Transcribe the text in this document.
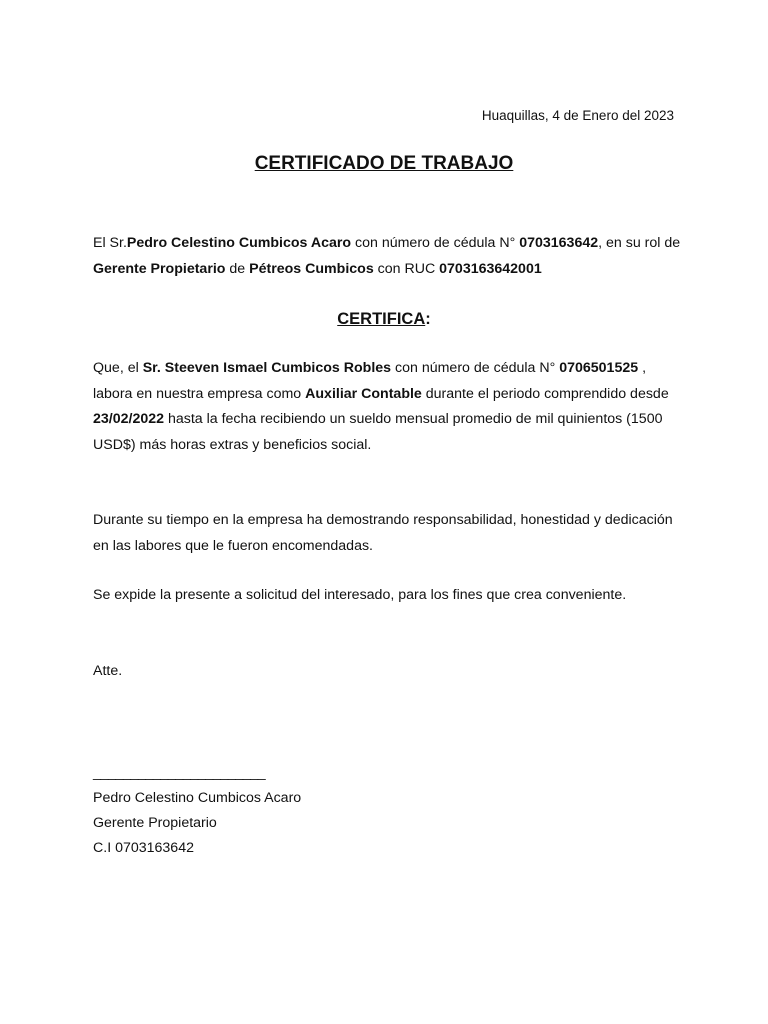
Huaquillas, 4 de Enero del 2023
CERTIFICADO DE TRABAJO

El Sr.Pedro Celestino Cumbicos Acaro con número de cédula N° 0703163642, en su rol de Gerente Propietario de Pétreos Cumbicos con RUC 0703163642001

CERTIFICA:

Que, el Sr. Steeven Ismael Cumbicos Robles con número de cédula N° 0706501525 , labora en nuestra empresa como Auxiliar Contable durante el periodo comprendido desde 23/02/2022 hasta la fecha recibiendo un sueldo mensual promedio de mil quinientos (1500 USD$) más horas extras y beneficios social.

Durante su tiempo en la empresa ha demostrando responsabilidad, honestidad y dedicación en las labores que le fueron encomendadas.

Se expide la presente a solicitud del interesado, para los fines que crea conveniente.

Atte.
_______________________
Pedro Celestino Cumbicos Acaro
Gerente Propietario
C.I 0703163642
